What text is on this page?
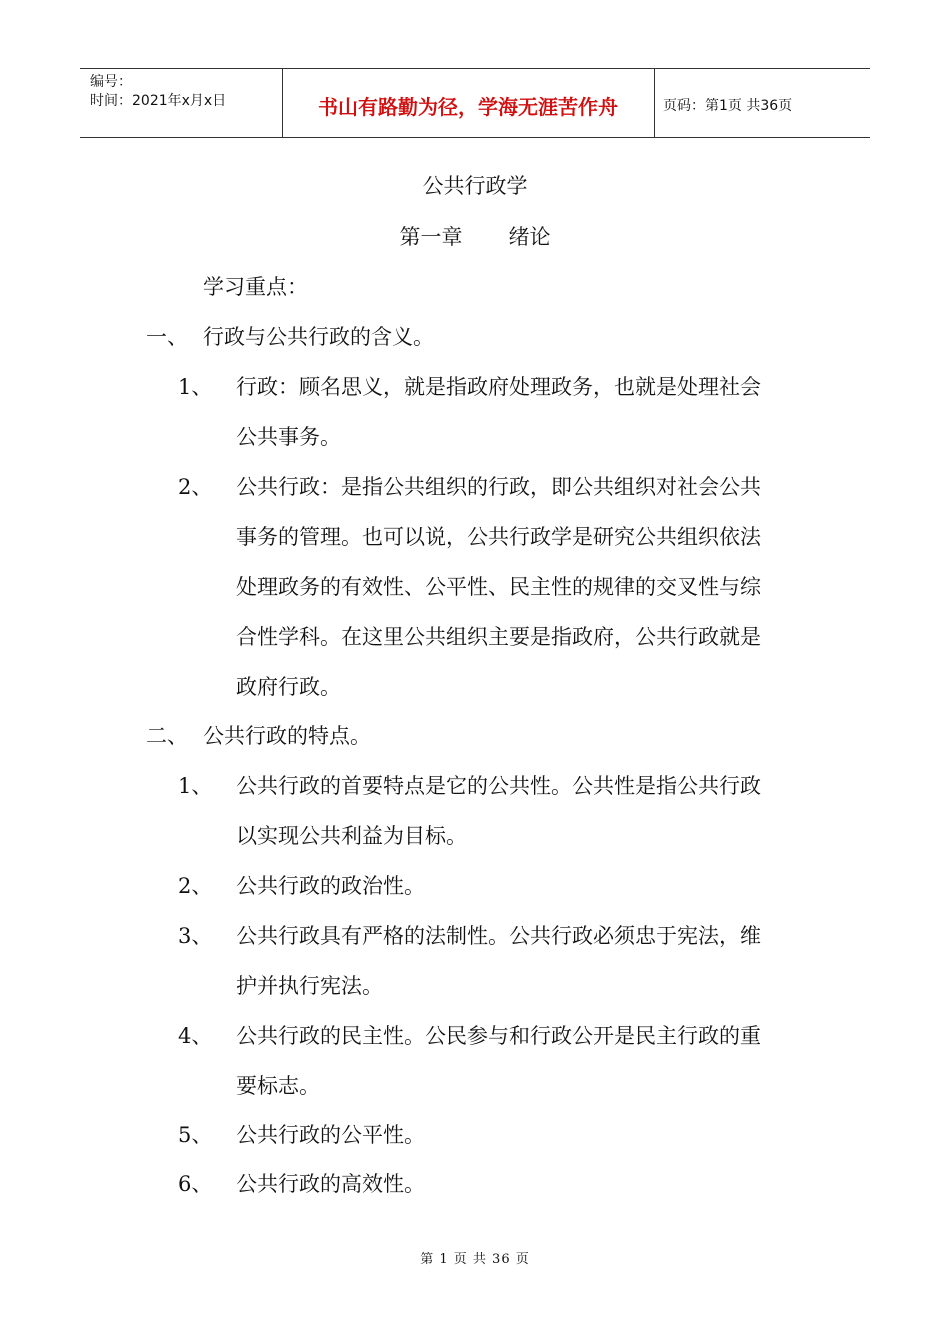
编号：
时间：2021年x月x日	书山有路勤为径，学海无涯苦作舟	页码：第1页 共36页
公共行政学
第一章 绪论
学习重点：
一、 行政与公共行政的含义。
1、 行政：顾名思义，就是指政府处理政务，也就是处理社会
公共事务。
2、 公共行政：是指公共组织的行政，即公共组织对社会公共
事务的管理。也可以说，公共行政学是研究公共组织依法
处理政务的有效性、公平性、民主性的规律的交叉性与综
合性学科。在这里公共组织主要是指政府，公共行政就是
政府行政。
二、 公共行政的特点。
1、 公共行政的首要特点是它的公共性。公共性是指公共行政
以实现公共利益为目标。
2、 公共行政的政治性。
3、 公共行政具有严格的法制性。公共行政必须忠于宪法，维
护并执行宪法。
4、 公共行政的民主性。公民参与和行政公开是民主行政的重
要标志。
5、 公共行政的公平性。
6、 公共行政的高效性。
第 1 页 共 36 页
